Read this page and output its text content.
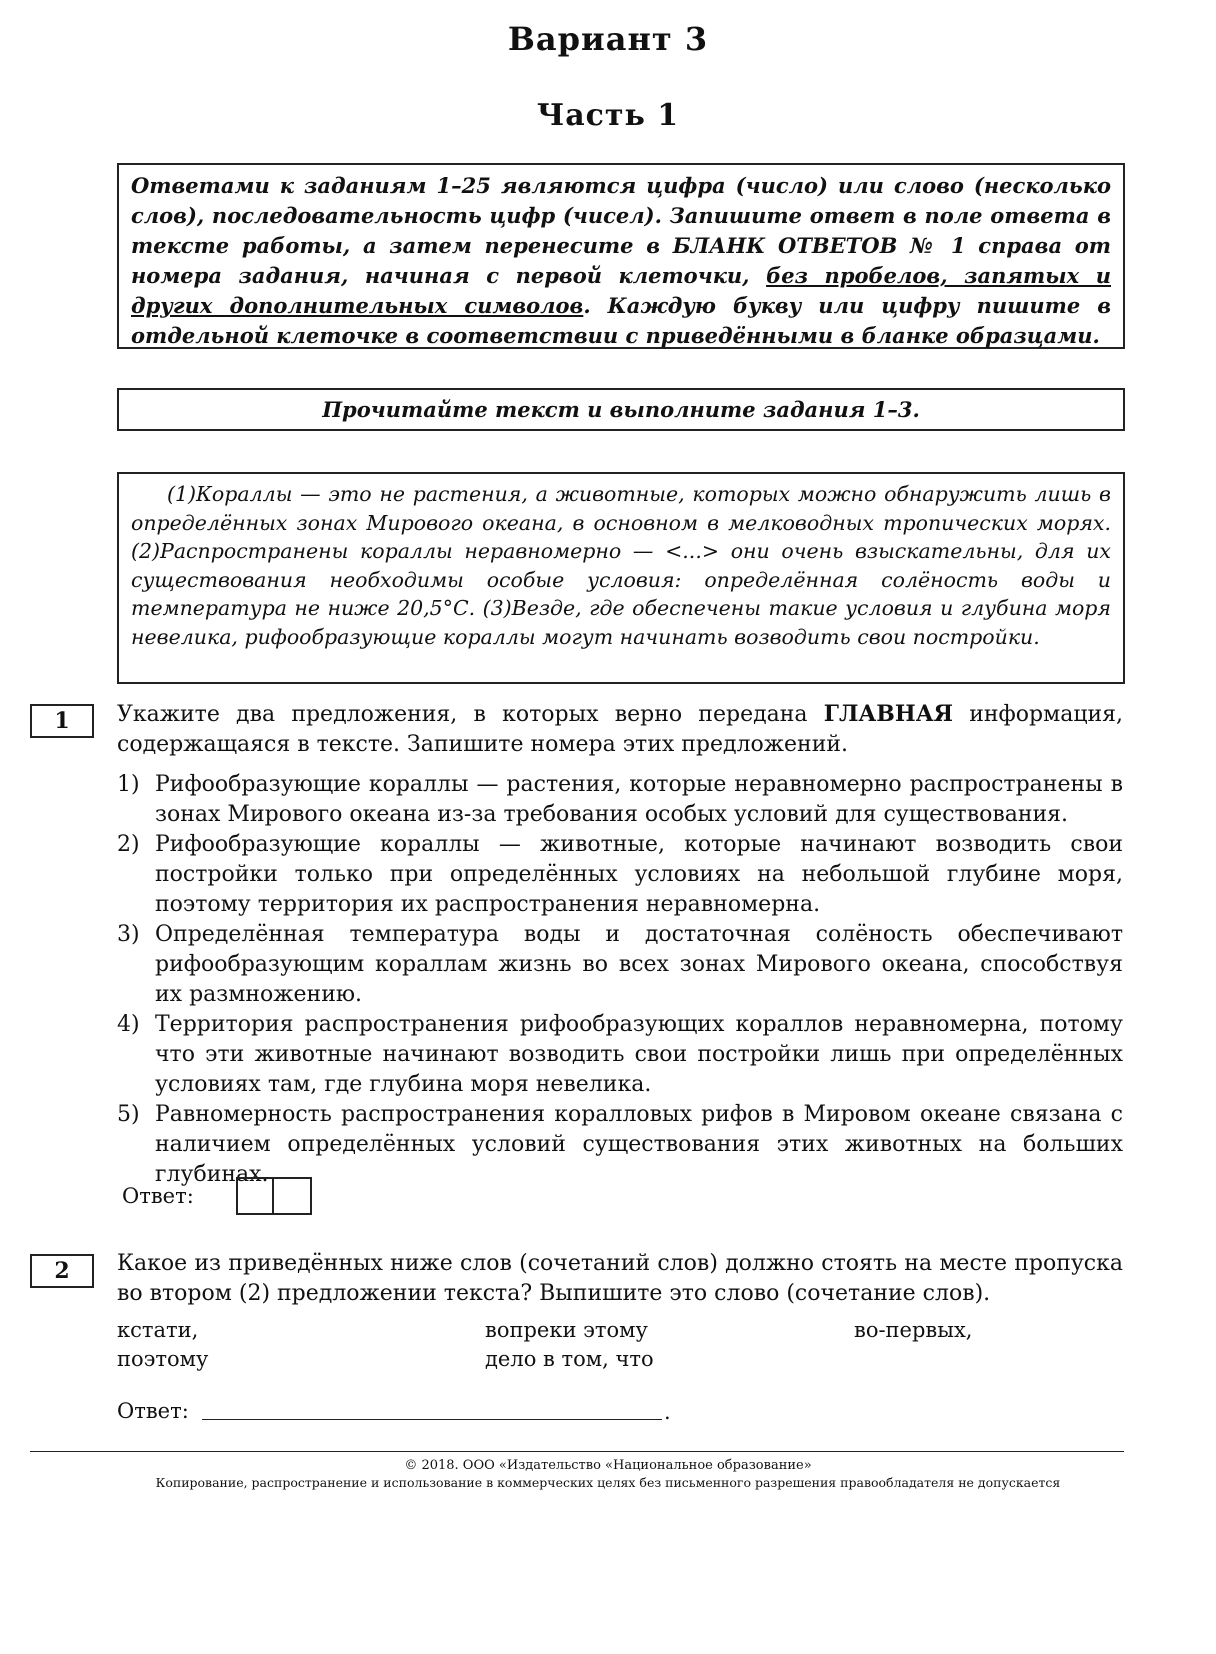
Вариант 3
Часть 1
Ответами к заданиям 1–25 являются цифра (число) или слово (несколько слов), последовательность цифр (чисел). Запишите ответ в поле ответа в тексте работы, а затем перенесите в БЛАНК ОТВЕТОВ № 1 справа от номера задания, начиная с первой клеточки, без пробелов, запятых и других дополнительных символов. Каждую букву или цифру пишите в отдельной клеточке в соответствии с приведёнными в бланке образцами.
Прочитайте текст и выполните задания 1–3.
(1)Кораллы — это не растения, а животные, которых можно обнаружить лишь в определённых зонах Мирового океана, в основном в мелководных тропических морях. (2)Распространены кораллы неравномерно — <...> они очень взыскательны, для их существования необходимы особые условия: определённая солёность воды и температура не ниже 20,5°С. (3)Везде, где обеспечены такие условия и глубина моря невелика, рифообразующие кораллы могут начинать возводить свои постройки.
1	Укажите два предложения, в которых верно передана ГЛАВНАЯ информация, содержащаяся в тексте. Запишите номера этих предложений.
1) Рифообразующие кораллы — растения, которые неравномерно распространены в зонах Мирового океана из-за требования особых условий для существования.
2) Рифообразующие кораллы — животные, которые начинают возводить свои постройки только при определённых условиях на небольшой глубине моря, поэтому территория их распространения неравномерна.
3) Определённая температура воды и достаточная солёность обеспечивают рифообразующим кораллам жизнь во всех зонах Мирового океана, способствуя их размножению.
4) Территория распространения рифообразующих кораллов неравномерна, потому что эти животные начинают возводить свои постройки лишь при определённых условиях там, где глубина моря невелика.
5) Равномерность распространения коралловых рифов в Мировом океане связана с наличием определённых условий существования этих животных на больших глубинах.
Ответ:
2	Какое из приведённых ниже слов (сочетаний слов) должно стоять на месте пропуска во втором (2) предложении текста? Выпишите это слово (сочетание слов).
кстати,	вопреки этому	во-первых,
поэтому	дело в том, что
Ответ:	.
© 2018. ООО «Издательство «Национальное образование»
Копирование, распространение и использование в коммерческих целях без письменного разрешения правообладателя не допускается
